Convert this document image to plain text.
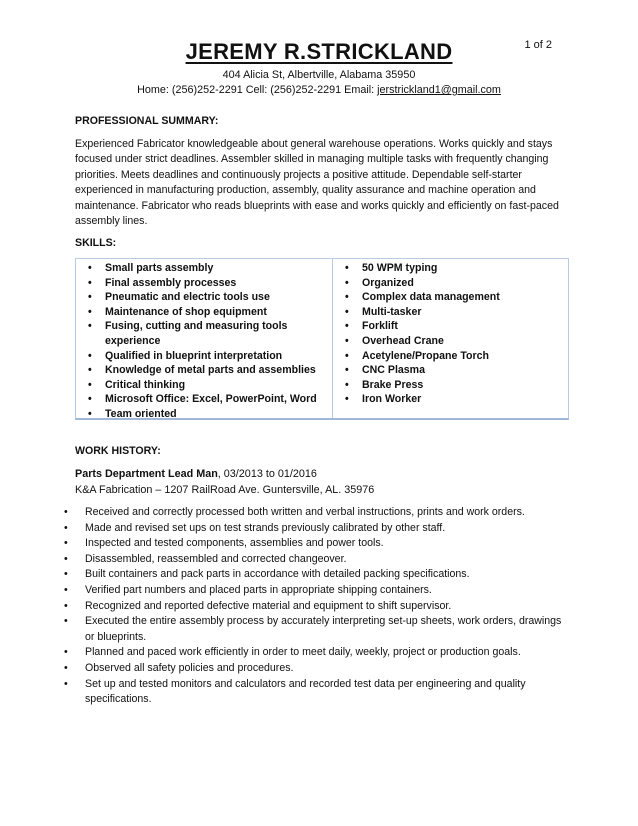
1 of 2
JEREMY R.STRICKLAND
404 Alicia St, Albertville, Alabama 35950
Home: (256)252-2291 Cell: (256)252-2291 Email: jerstrickland1@gmail.com
PROFESSIONAL SUMMARY:
Experienced Fabricator knowledgeable about general warehouse operations. Works quickly and stays focused under strict deadlines. Assembler skilled in managing multiple tasks with frequently changing priorities. Meets deadlines and continuously projects a positive attitude. Dependable self-starter experienced in manufacturing production, assembly, quality assurance and machine operation and maintenance. Fabricator who reads blueprints with ease and works quickly and efficiently on fast-paced assembly lines.
SKILLS:
• Small parts assembly
• Final assembly processes
• Pneumatic and electric tools use
• Maintenance of shop equipment
• Fusing, cutting and measuring tools experience
• Qualified in blueprint interpretation
• Knowledge of metal parts and assemblies
• Critical thinking
• Microsoft Office: Excel, PowerPoint, Word
• Team oriented
• 50 WPM typing
• Organized
• Complex data management
• Multi-tasker
• Forklift
• Overhead Crane
• Acetylene/Propane Torch
• CNC Plasma
• Brake Press
• Iron Worker
WORK HISTORY:
Parts Department Lead Man, 03/2013 to 01/2016
K&A Fabrication – 1207 RailRoad Ave. Guntersville, AL. 35976
• Received and correctly processed both written and verbal instructions, prints and work orders.
• Made and revised set ups on test strands previously calibrated by other staff.
• Inspected and tested components, assemblies and power tools.
• Disassembled, reassembled and corrected changeover.
• Built containers and pack parts in accordance with detailed packing specifications.
• Verified part numbers and placed parts in appropriate shipping containers.
• Recognized and reported defective material and equipment to shift supervisor.
• Executed the entire assembly process by accurately interpreting set-up sheets, work orders, drawings or blueprints.
• Planned and paced work efficiently in order to meet daily, weekly, project or production goals.
• Observed all safety policies and procedures.
• Set up and tested monitors and calculators and recorded test data per engineering and quality specifications.
